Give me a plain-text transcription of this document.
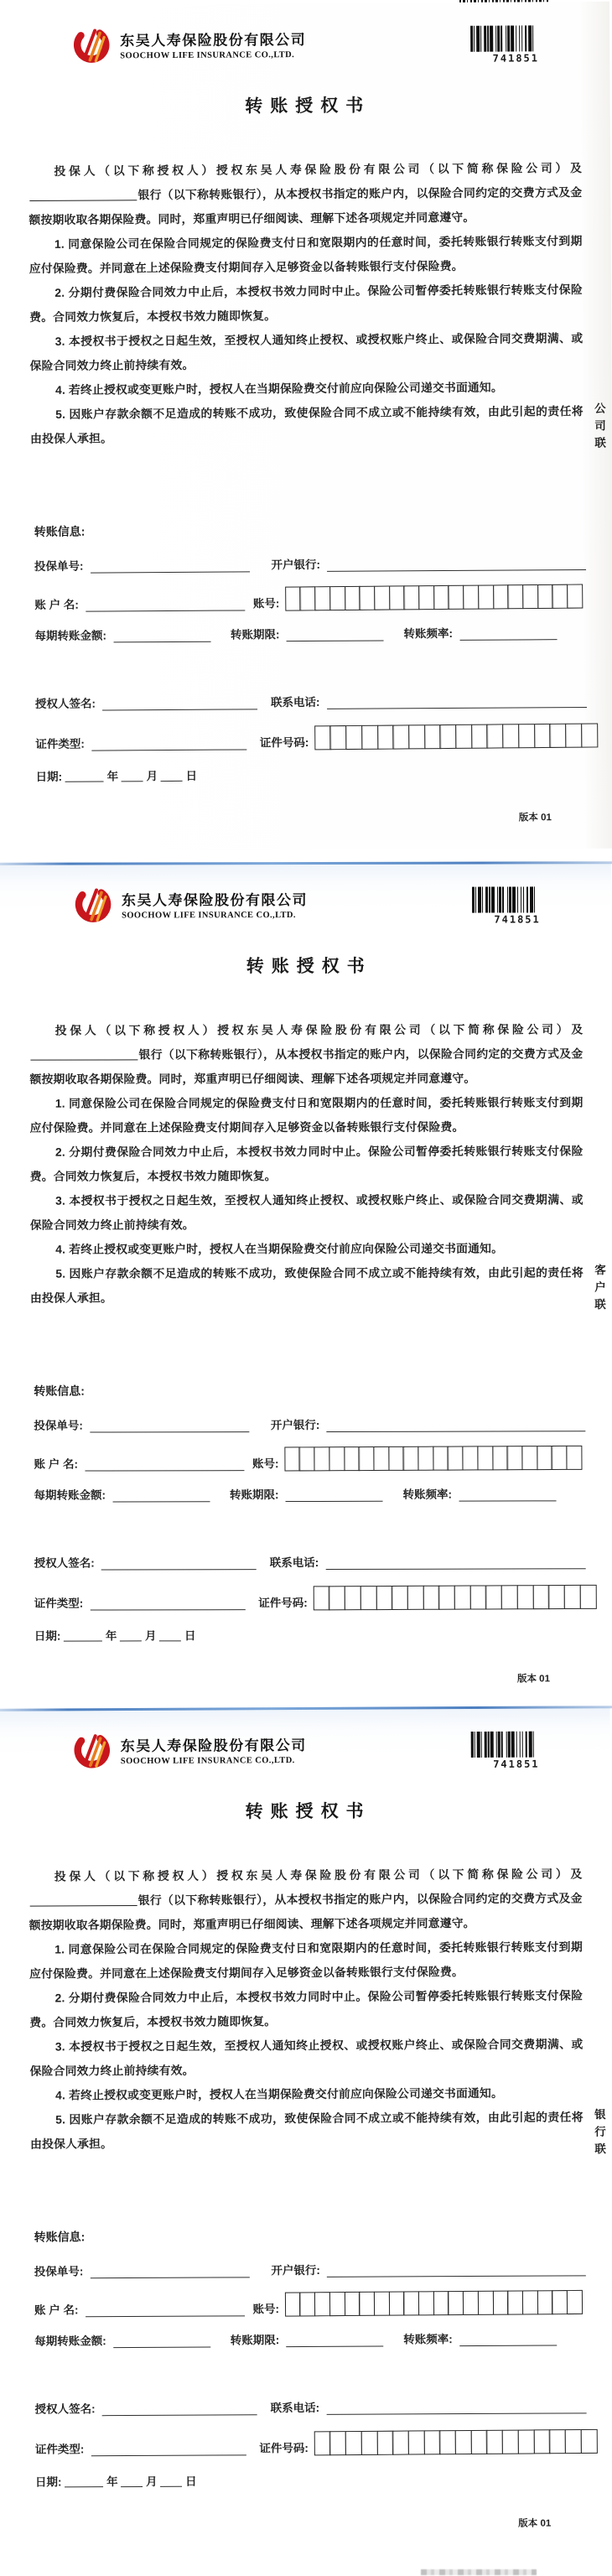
东吴人寿保险股份有限公司
SOOCHOW LIFE INSURANCE CO.,LTD.	741851
转账授权书

投保人（以下称授权人）授权东吴人寿保险股份有限公司（以下简称保险公司）及银行（以下称转账银行），从本授权书指定的账户内，以保险合同约定的交费方式及金额按期收取各期保险费。同时，郑重声明已仔细阅读、理解下述各项规定并同意遵守。

1. 同意保险公司在保险合同规定的保险费支付日和宽限期内的任意时间，委托转账银行转账支付到期应付保险费。并同意在上述保险费支付期间存入足够资金以备转账银行支付保险费。

2. 分期付费保险合同效力中止后，本授权书效力同时中止。保险公司暂停委托转账银行转账支付保险费。合同效力恢复后，本授权书效力随即恢复。

3. 本授权书于授权之日起生效，至授权人通知终止授权、或授权账户终止、或保险合同交费期满、或保险合同效力终止前持续有效。

4. 若终止授权或变更账户时，授权人在当期保险费交付前应向保险公司递交书面通知。

5. 因账户存款余额不足造成的转账不成功，致使保险合同不成立或不能持续有效，由此引起的责任将由投保人承担。	公司联
转账信息:
投保单号:	开户银行:
账 户 名:	账号:
每期转账金额:	转账期限:	转账频率:
授权人签名:	联系电话:
证件类型:	证件号码:
日期:	年 月 日
版本 01
东吴人寿保险股份有限公司
SOOCHOW LIFE INSURANCE CO.,LTD.	741851
转账授权书

投保人（以下称授权人）授权东吴人寿保险股份有限公司（以下简称保险公司）及银行（以下称转账银行），从本授权书指定的账户内，以保险合同约定的交费方式及金额按期收取各期保险费。同时，郑重声明已仔细阅读、理解下述各项规定并同意遵守。

1. 同意保险公司在保险合同规定的保险费支付日和宽限期内的任意时间，委托转账银行转账支付到期应付保险费。并同意在上述保险费支付期间存入足够资金以备转账银行支付保险费。

2. 分期付费保险合同效力中止后，本授权书效力同时中止。保险公司暂停委托转账银行转账支付保险费。合同效力恢复后，本授权书效力随即恢复。

3. 本授权书于授权之日起生效，至授权人通知终止授权、或授权账户终止、或保险合同交费期满、或保险合同效力终止前持续有效。

4. 若终止授权或变更账户时，授权人在当期保险费交付前应向保险公司递交书面通知。

5. 因账户存款余额不足造成的转账不成功，致使保险合同不成立或不能持续有效，由此引起的责任将由投保人承担。	客户联
转账信息:
投保单号:	开户银行:
账 户 名:	账号:
每期转账金额:	转账期限:	转账频率:
授权人签名:	联系电话:
证件类型:	证件号码:
日期:	年 月 日
版本 01
东吴人寿保险股份有限公司
SOOCHOW LIFE INSURANCE CO.,LTD.	741851
转账授权书

投保人（以下称授权人）授权东吴人寿保险股份有限公司（以下简称保险公司）及银行（以下称转账银行），从本授权书指定的账户内，以保险合同约定的交费方式及金额按期收取各期保险费。同时，郑重声明已仔细阅读、理解下述各项规定并同意遵守。

1. 同意保险公司在保险合同规定的保险费支付日和宽限期内的任意时间，委托转账银行转账支付到期应付保险费。并同意在上述保险费支付期间存入足够资金以备转账银行支付保险费。

2. 分期付费保险合同效力中止后，本授权书效力同时中止。保险公司暂停委托转账银行转账支付保险费。合同效力恢复后，本授权书效力随即恢复。

3. 本授权书于授权之日起生效，至授权人通知终止授权、或授权账户终止、或保险合同交费期满、或保险合同效力终止前持续有效。

4. 若终止授权或变更账户时，授权人在当期保险费交付前应向保险公司递交书面通知。

5. 因账户存款余额不足造成的转账不成功，致使保险合同不成立或不能持续有效，由此引起的责任将由投保人承担。	银行联
转账信息:
投保单号:	开户银行:
账 户 名:	账号:
每期转账金额:	转账期限:	转账频率:
授权人签名:	联系电话:
证件类型:	证件号码:
日期:	年 月 日
版本 01
